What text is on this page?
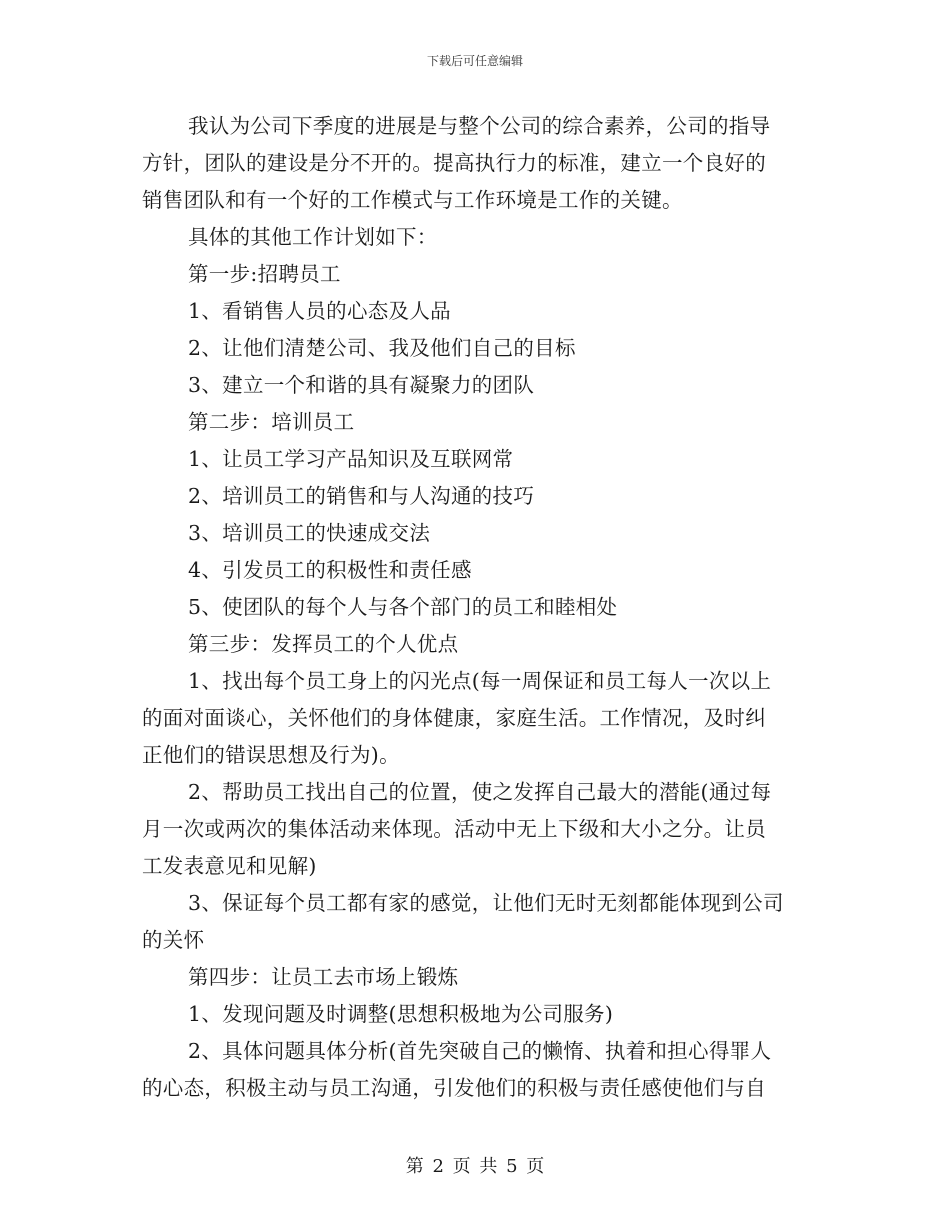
下载后可任意编辑
我认为公司下季度的进展是与整个公司的综合素养，公司的指导
方针，团队的建设是分不开的。提高执行力的标准，建立一个良好的
销售团队和有一个好的工作模式与工作环境是工作的关键。
具体的其他工作计划如下：
第一步:招聘员工
1、看销售人员的心态及人品
2、让他们清楚公司、我及他们自己的目标
3、建立一个和谐的具有凝聚力的团队
第二步：培训员工
1、让员工学习产品知识及互联网常
2、培训员工的销售和与人沟通的技巧
3、培训员工的快速成交法
4、引发员工的积极性和责任感
5、使团队的每个人与各个部门的员工和睦相处
第三步：发挥员工的个人优点
1、找出每个员工身上的闪光点(每一周保证和员工每人一次以上
的面对面谈心，关怀他们的身体健康，家庭生活。工作情况，及时纠
正他们的错误思想及行为)。
2、帮助员工找出自己的位置，使之发挥自己最大的潜能(通过每
月一次或两次的集体活动来体现。活动中无上下级和大小之分。让员
工发表意见和见解)
3、保证每个员工都有家的感觉，让他们无时无刻都能体现到公司
的关怀
第四步：让员工去市场上锻炼
1、发现问题及时调整(思想积极地为公司服务)
2、具体问题具体分析(首先突破自己的懒惰、执着和担心得罪人
的心态，积极主动与员工沟通，引发他们的积极与责任感使他们与自
第 2 页 共 5 页
